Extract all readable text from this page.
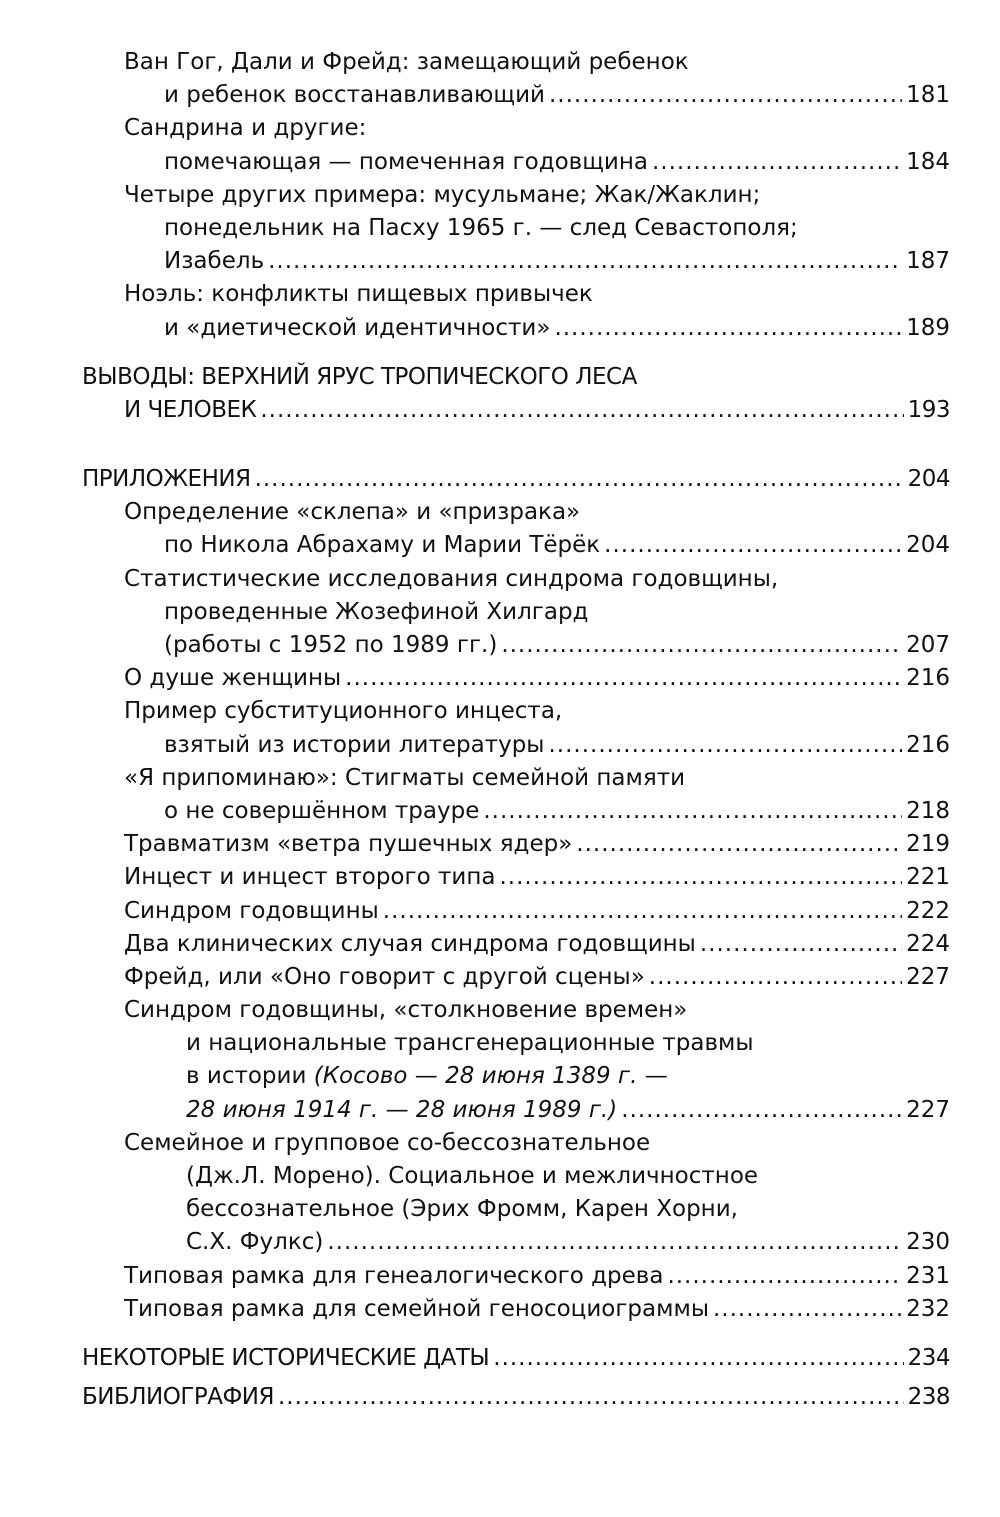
Ван Гог, Дали и Фрейд: замещающий ребенок
и ребенок восстанавливающий .....	181
Сандрина и другие:
помечающая — помеченная годовщина .....	184
Четыре других примера: мусульмане; Жак/Жаклин;
понедельник на Пасху 1965 г. — след Севастополя;
Изабель .....	187
Ноэль: конфликты пищевых привычек
и «диетической идентичности» .....	189
ВЫВОДЫ: ВЕРХНИЙ ЯРУС ТРОПИЧЕСКОГО ЛЕСА
И ЧЕЛОВЕК .....	193
ПРИЛОЖЕНИЯ .....	204
Определение «склепа» и «призрака»
по Никола Абрахаму и Марии Тёрёк .....	204
Статистические исследования синдрома годовщины,
проведенные Жозефиной Хилгард
(работы с 1952 по 1989 гг.) .....	207
О душе женщины .....	216
Пример субституционного инцеста,
взятый из истории литературы .....	216
«Я припоминаю»: Стигматы семейной памяти
о не совершённом трауре .....	218
Травматизм «ветра пушечных ядер» .....	219
Инцест и инцест второго типа .....	221
Синдром годовщины .....	222
Два клинических случая синдрома годовщины .....	224
Фрейд, или «Оно говорит с другой сцены» .....	227
Синдром годовщины, «столкновение времен»
и национальные трансгенерационные травмы
в истории (Косово — 28 июня 1389 г. —
28 июня 1914 г. — 28 июня 1989 г.) .....	227
Семейное и групповое со-бессознательное
(Дж.Л. Морено). Социальное и межличностное
бессознательное (Эрих Фромм, Карен Хорни,
С.Х. Фулкс) .....	230
Типовая рамка для генеалогического древа .....	231
Типовая рамка для семейной геносоциограммы .....	232
НЕКОТОРЫЕ ИСТОРИЧЕСКИЕ ДАТЫ .....	234
БИБЛИОГРАФИЯ .....	238
